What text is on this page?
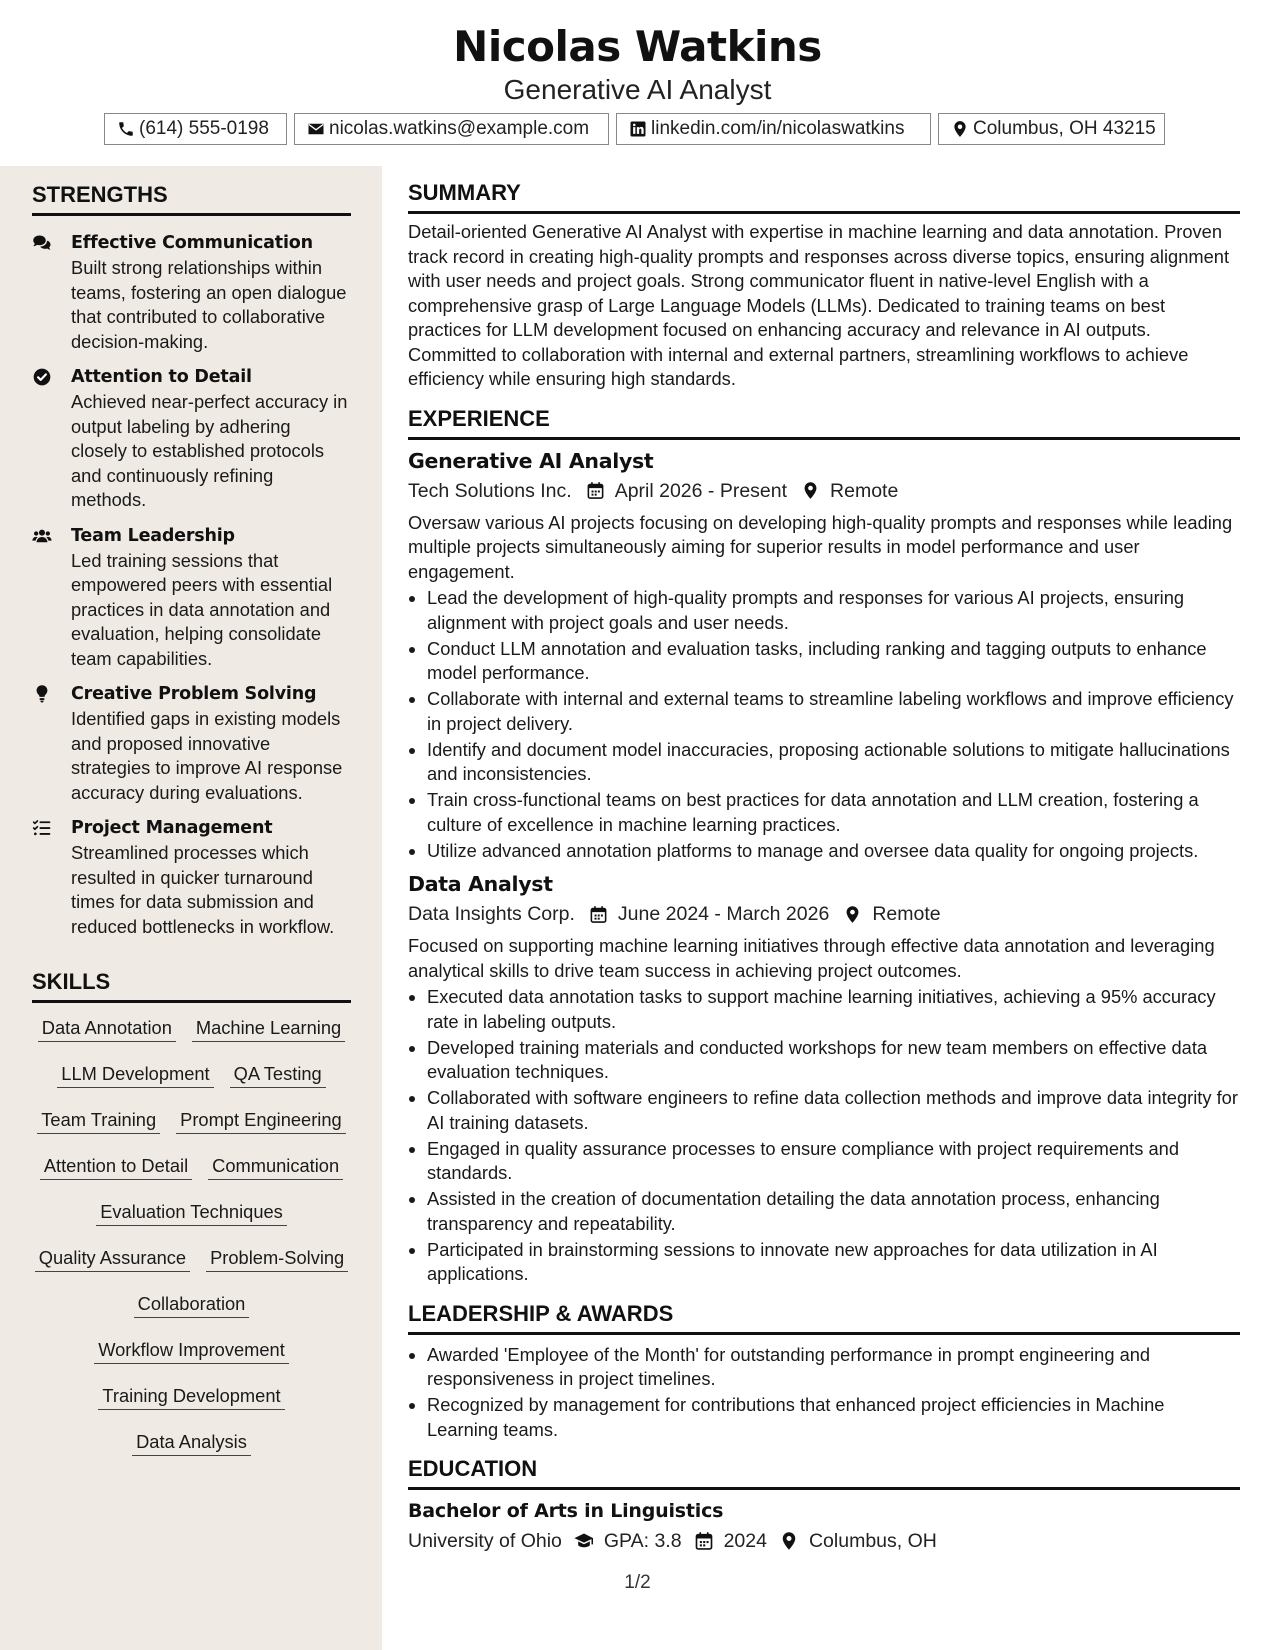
Nicolas Watkins
Generative AI Analyst
(614) 555-0198	nicolas.watkins@example.com	linkedin.com/in/nicolaswatkins	Columbus, OH 43215
STRENGTHS
Effective Communication
Built strong relationships within teams, fostering an open dialogue that contributed to collaborative decision-making.
Attention to Detail
Achieved near-perfect accuracy in output labeling by adhering closely to established protocols and continuously refining methods.
Team Leadership
Led training sessions that empowered peers with essential practices in data annotation and evaluation, helping consolidate team capabilities.
Creative Problem Solving
Identified gaps in existing models and proposed innovative strategies to improve AI response accuracy during evaluations.
Project Management
Streamlined processes which resulted in quicker turnaround times for data submission and reduced bottlenecks in workflow.
SKILLS
Data Annotation Machine Learning
LLM Development QA Testing
Team Training Prompt Engineering
Attention to Detail Communication
Evaluation Techniques
Quality Assurance Problem-Solving
Collaboration
Workflow Improvement
Training Development
Data Analysis
SUMMARY
Detail-oriented Generative AI Analyst with expertise in machine learning and data annotation. Proven track record in creating high-quality prompts and responses across diverse topics, ensuring alignment with user needs and project goals. Strong communicator fluent in native-level English with a comprehensive grasp of Large Language Models (LLMs). Dedicated to training teams on best practices for LLM development focused on enhancing accuracy and relevance in AI outputs. Committed to collaboration with internal and external partners, streamlining workflows to achieve efficiency while ensuring high standards.
EXPERIENCE
Generative AI Analyst
Tech Solutions Inc. April 2026 - Present Remote
Oversaw various AI projects focusing on developing high-quality prompts and responses while leading multiple projects simultaneously aiming for superior results in model performance and user engagement.
Lead the development of high-quality prompts and responses for various AI projects, ensuring alignment with project goals and user needs.
Conduct LLM annotation and evaluation tasks, including ranking and tagging outputs to enhance model performance.
Collaborate with internal and external teams to streamline labeling workflows and improve efficiency in project delivery.
Identify and document model inaccuracies, proposing actionable solutions to mitigate hallucinations and inconsistencies.
Train cross-functional teams on best practices for data annotation and LLM creation, fostering a culture of excellence in machine learning practices.
Utilize advanced annotation platforms to manage and oversee data quality for ongoing projects.
Data Analyst
Data Insights Corp. June 2024 - March 2026 Remote
Focused on supporting machine learning initiatives through effective data annotation and leveraging analytical skills to drive team success in achieving project outcomes.
Executed data annotation tasks to support machine learning initiatives, achieving a 95% accuracy rate in labeling outputs.
Developed training materials and conducted workshops for new team members on effective data evaluation techniques.
Collaborated with software engineers to refine data collection methods and improve data integrity for AI training datasets.
Engaged in quality assurance processes to ensure compliance with project requirements and standards.
Assisted in the creation of documentation detailing the data annotation process, enhancing transparency and repeatability.
Participated in brainstorming sessions to innovate new approaches for data utilization in AI applications.
LEADERSHIP & AWARDS
Awarded 'Employee of the Month' for outstanding performance in prompt engineering and responsiveness in project timelines.
Recognized by management for contributions that enhanced project efficiencies in Machine Learning teams.
EDUCATION
Bachelor of Arts in Linguistics
University of Ohio GPA: 3.8 2024 Columbus, OH
1/2
